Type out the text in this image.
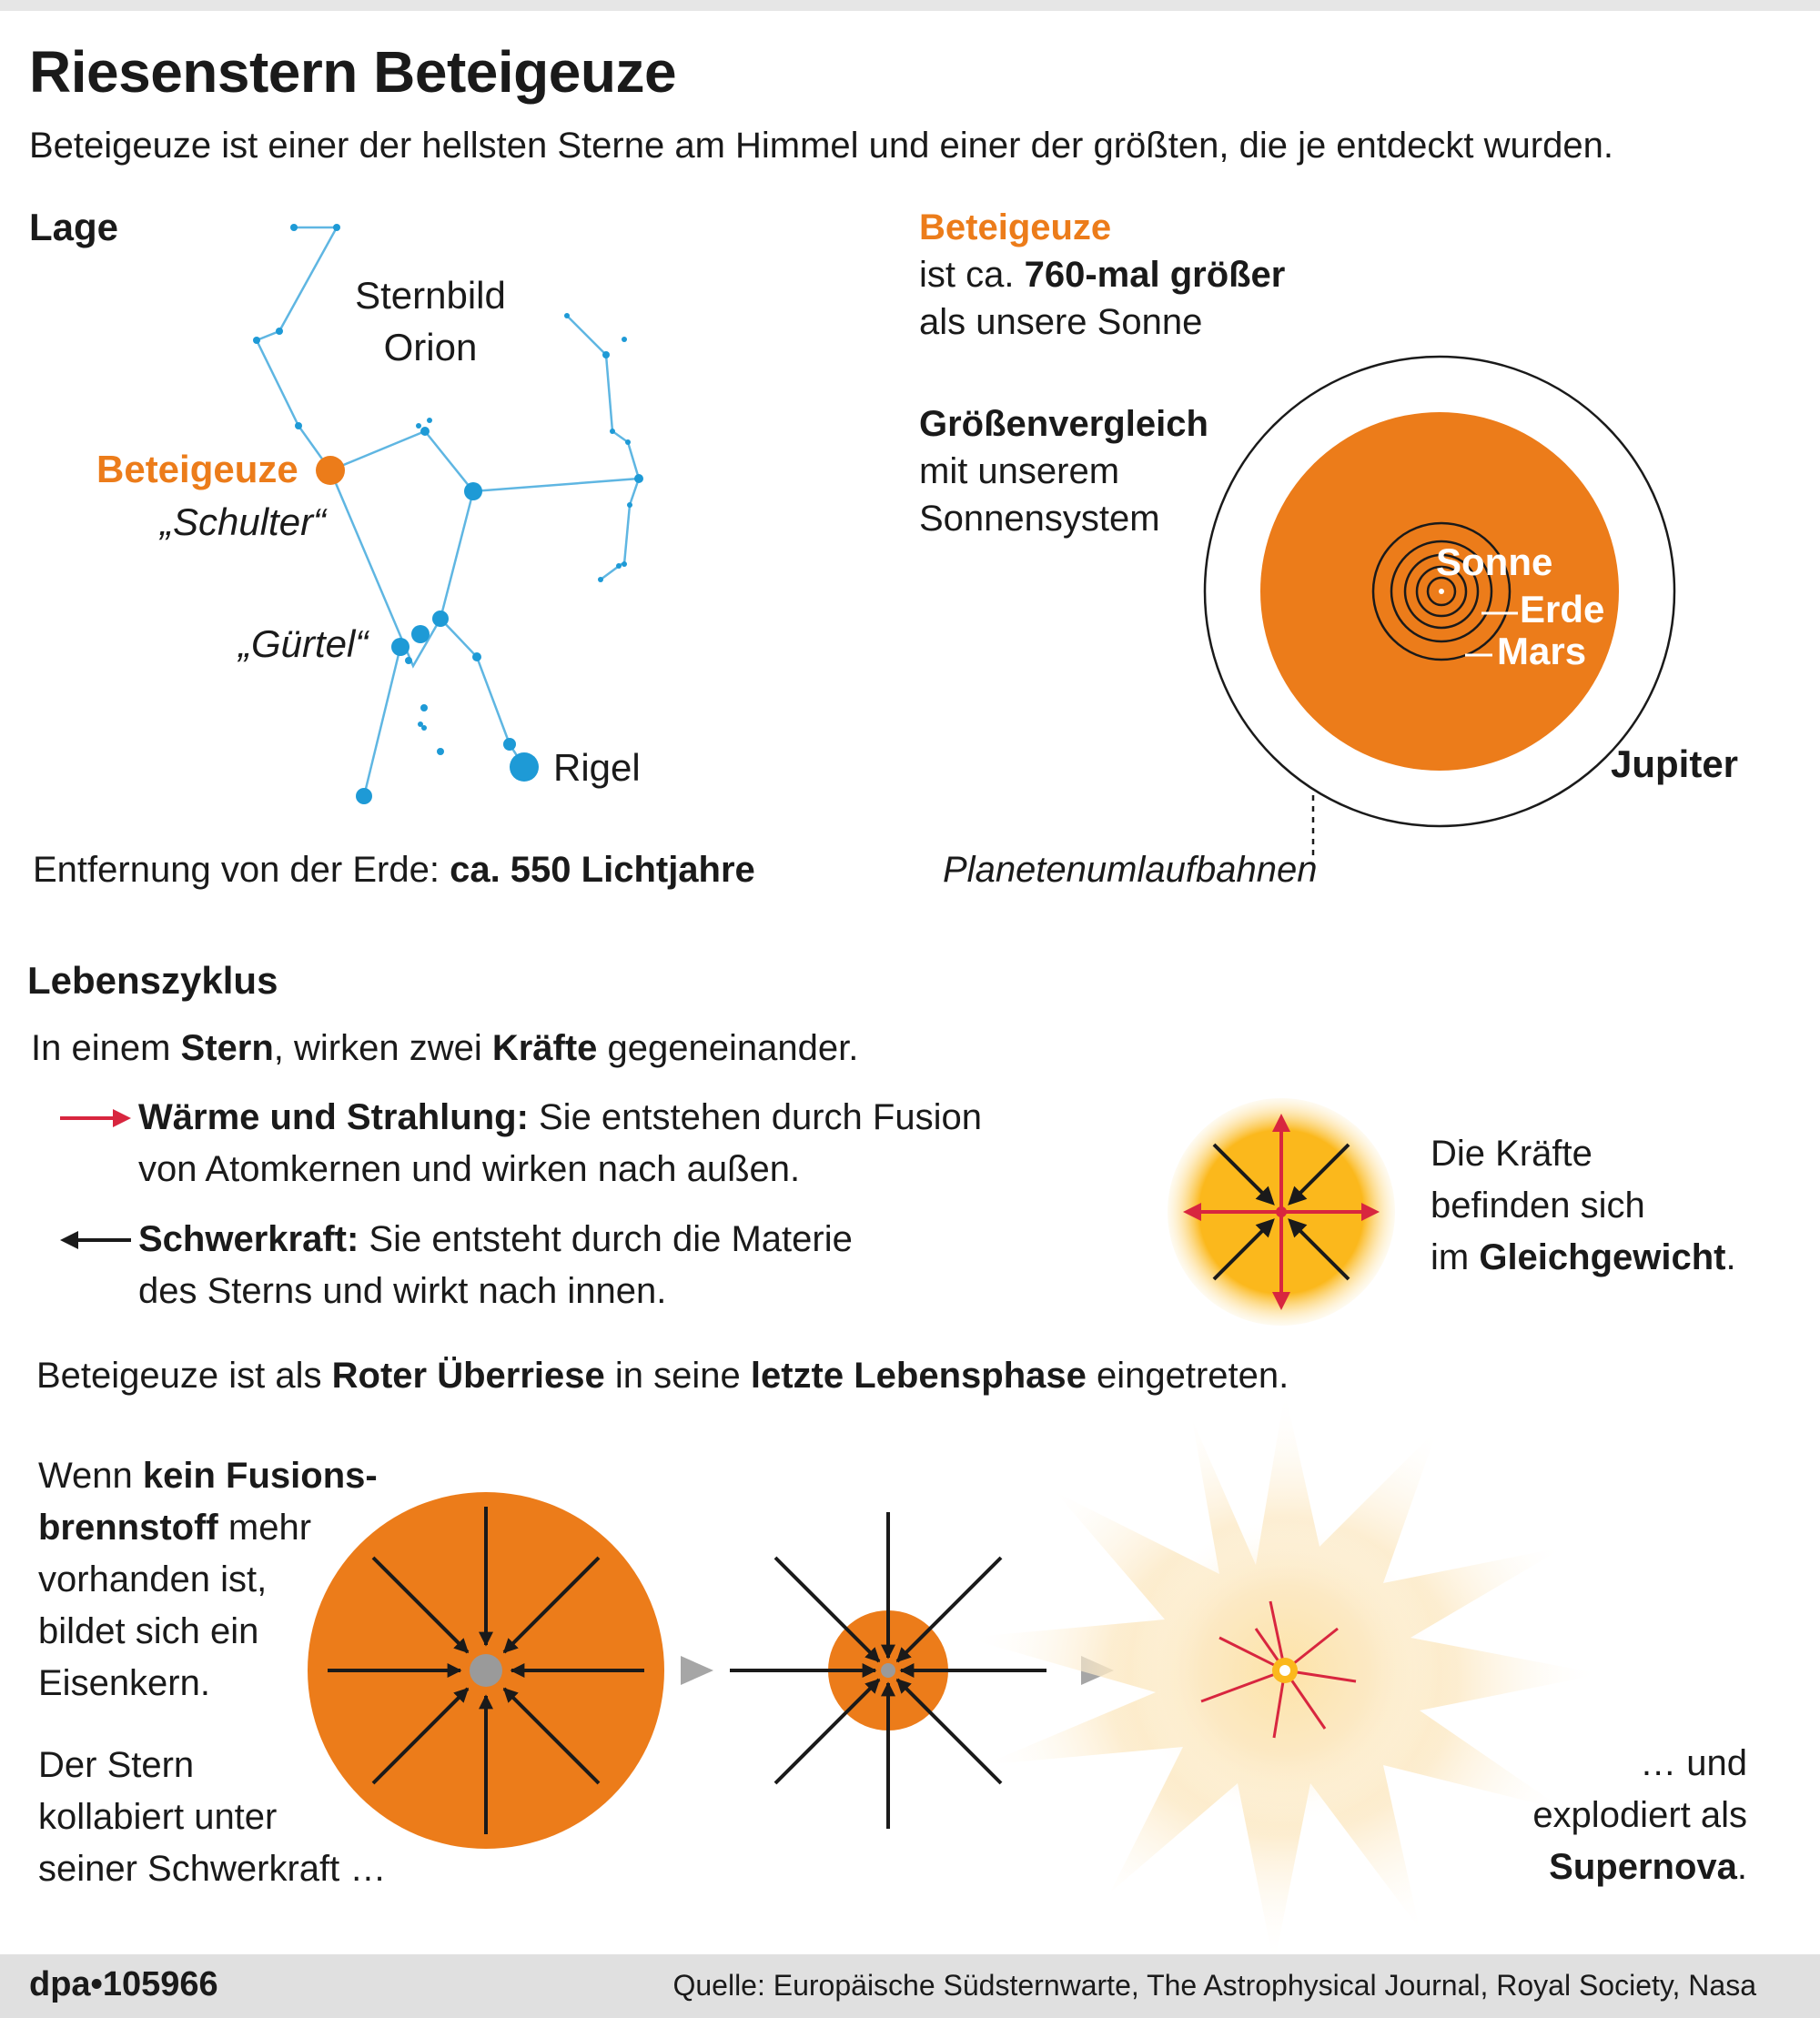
Riesenstern Beteigeuze
Beteigeuze ist einer der hellsten Sterne am Himmel und einer der größten, die je entdeckt wurden.
Lage
Sternbild
Orion
Beteigeuze
„Schulter“
„Gürtel“
Rigel
Entfernung von der Erde: ca. 550 Lichtjahre
Beteigeuze
ist ca. 760-mal größer
als unsere Sonne
Größenvergleich
mit unserem
Sonnensystem
Sonne
Erde
Mars
Jupiter
Planetenumlaufbahnen
Lebenszyklus
In einem Stern, wirken zwei Kräfte gegeneinander.
Wärme und Strahlung: Sie entstehen durch Fusion
von Atomkernen und wirken nach außen.
Schwerkraft: Sie entsteht durch die Materie
des Sterns und wirkt nach innen.
Die Kräfte
befinden sich
im Gleichgewicht.
Beteigeuze ist als Roter Überriese in seine letzte Lebensphase eingetreten.
Wenn kein Fusions-
brennstoff mehr
vorhanden ist,
bildet sich ein
Eisenkern.
Der Stern
kollabiert unter
seiner Schwerkraft …
… und
explodiert als
Supernova.
dpa•105966	Quelle: Europäische Südsternwarte, The Astrophysical Journal, Royal Society, Nasa
